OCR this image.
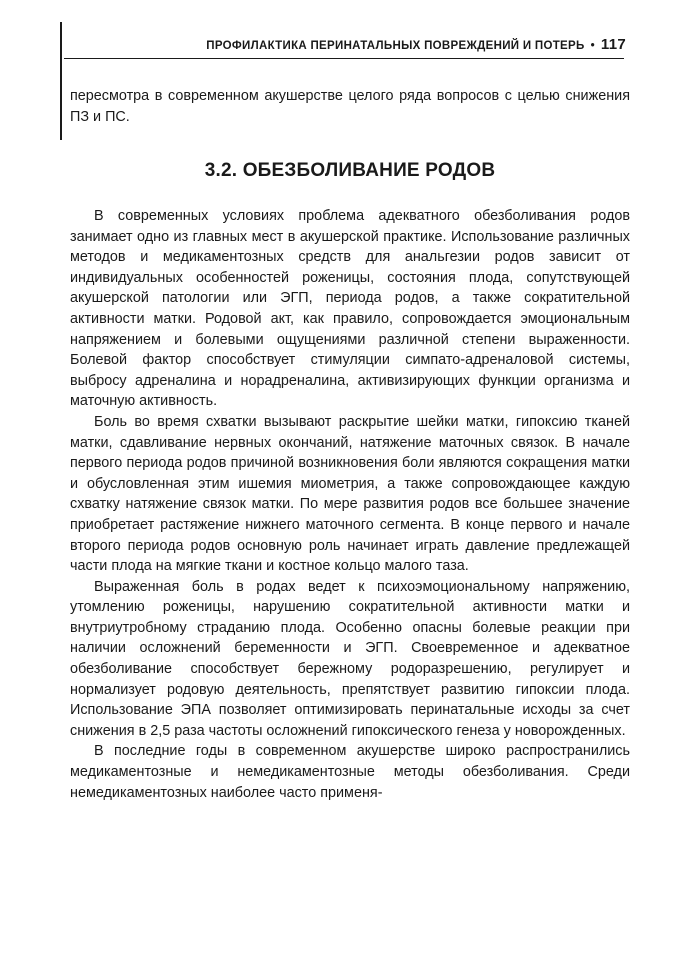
ПРОФИЛАКТИКА ПЕРИНАТАЛЬНЫХ ПОВРЕЖДЕНИЙ И ПОТЕРЬ • 117

пересмотра в современном акушерстве целого ряда вопросов с целью снижения ПЗ и ПС.

3.2. ОБЕЗБОЛИВАНИЕ РОДОВ

В современных условиях проблема адекватного обезболивания родов занимает одно из главных мест в акушерской практике. Использование различных методов и медикаментозных средств для анальгезии родов зависит от индивидуальных особенностей роженицы, состояния плода, сопутствующей акушерской патологии или ЭГП, периода родов, а также сократительной активности матки. Родовой акт, как правило, сопровождается эмоциональным напряжением и болевыми ощущениями различной степени выраженности. Болевой фактор способствует стимуляции симпато-адреналовой системы, выбросу адреналина и норадреналина, активизирующих функции организма и маточную активность.

Боль во время схватки вызывают раскрытие шейки матки, гипоксию тканей матки, сдавливание нервных окончаний, натяжение маточных связок. В начале первого периода родов причиной возникновения боли являются сокращения матки и обусловленная этим ишемия миометрия, а также сопровождающее каждую схватку натяжение связок матки. По мере развития родов все большее значение приобретает растяжение нижнего маточного сегмента. В конце первого и начале второго периода родов основную роль начинает играть давление предлежащей части плода на мягкие ткани и костное кольцо малого таза.

Выраженная боль в родах ведет к психоэмоциональному напряжению, утомлению роженицы, нарушению сократительной активности матки и внутриутробному страданию плода. Особенно опасны болевые реакции при наличии осложнений беременности и ЭГП. Своевременное и адекватное обезболивание способствует бережному родоразрешению, регулирует и нормализует родовую деятельность, препятствует развитию гипоксии плода. Использование ЭПА позволяет оптимизировать перинатальные исходы за счет снижения в 2,5 раза частоты осложнений гипоксического генеза у новорожденных.

В последние годы в современном акушерстве широко распространились медикаментозные и немедикаментозные методы обезболивания. Среди немедикаментозных наиболее часто применя-
